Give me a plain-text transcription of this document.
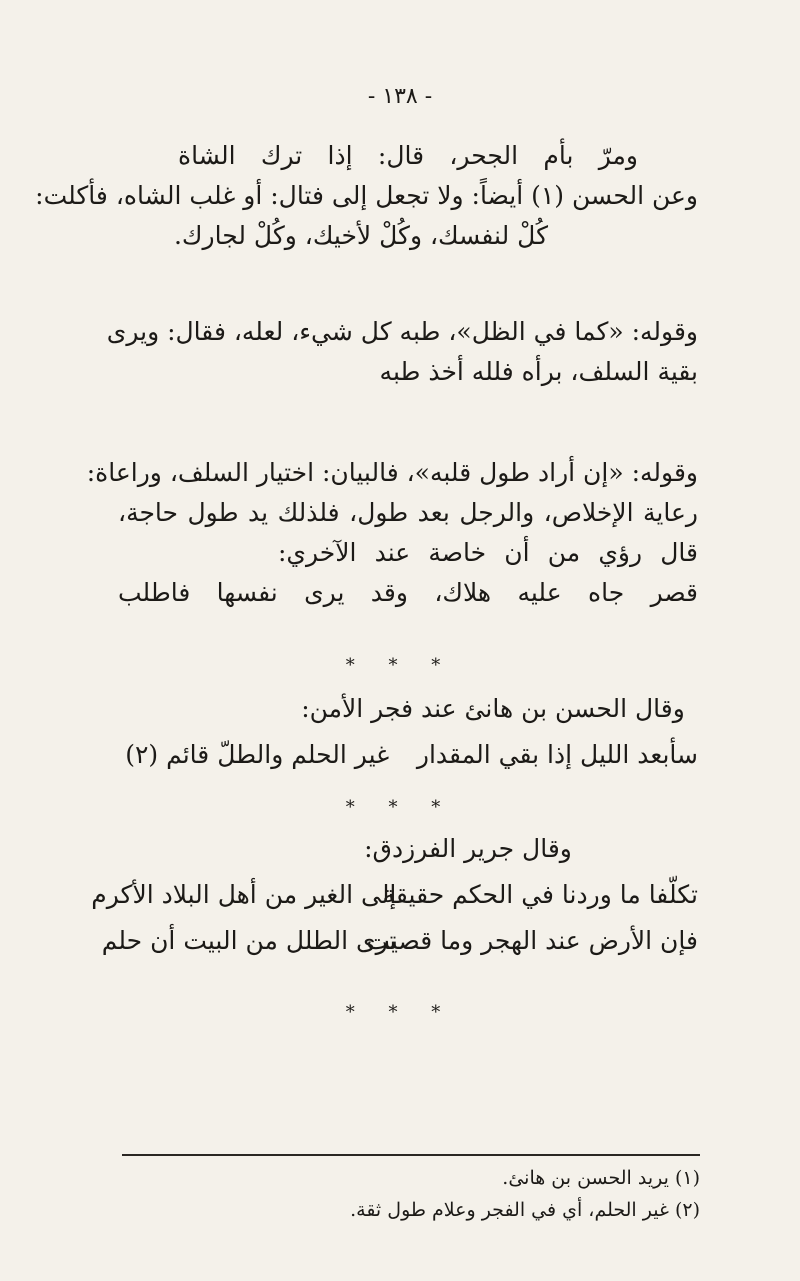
- ١٣٨ -
ومرّ بأم الجحر، قال: إذا ترك الشاة
وعن الحسن (١) أيضاً: ولا تجعل إلى فتال: أو غلب الشاه، فأكلت:
كُلْ لنفسك، وكُلْ لأخيك، وكُلْ لجارك.
وقوله: «كما في الظل»، طبه كل شيء، لعله، فقال: ويرى
بقية السلف، برأه فلله أخذ طبه
وقوله: «إن أراد طول قلبه»، فالبيان: اختيار السلف، وراعاة:
رعاية الإخلاص، والرجل بعد طول، فلذلك يد طول حاجة،
قال رؤي من أن خاصة عند الآخري:
قصر جاه عليه هلاك، وقد يرى نفسها فاطلب
* * *
وقال الحسن بن هانئ عند فجر الأمن:
سأبعد الليل إذا بقي المقدار
غير الحلم والطلّ قائم (٢)
* * *
وقال جرير الفرزدق:
تكلّفا ما وردنا في الحكم حقيقة
إلى الغير من أهل البلاد الأكرم
فإن الأرض عند الهجر وما قصيت
ترى الطلل من البيت أن حلم
* * *
(١) يريد الحسن بن هانئ.
(٢) غير الحلم، أي في الفجر وعلام طول ثقة.
